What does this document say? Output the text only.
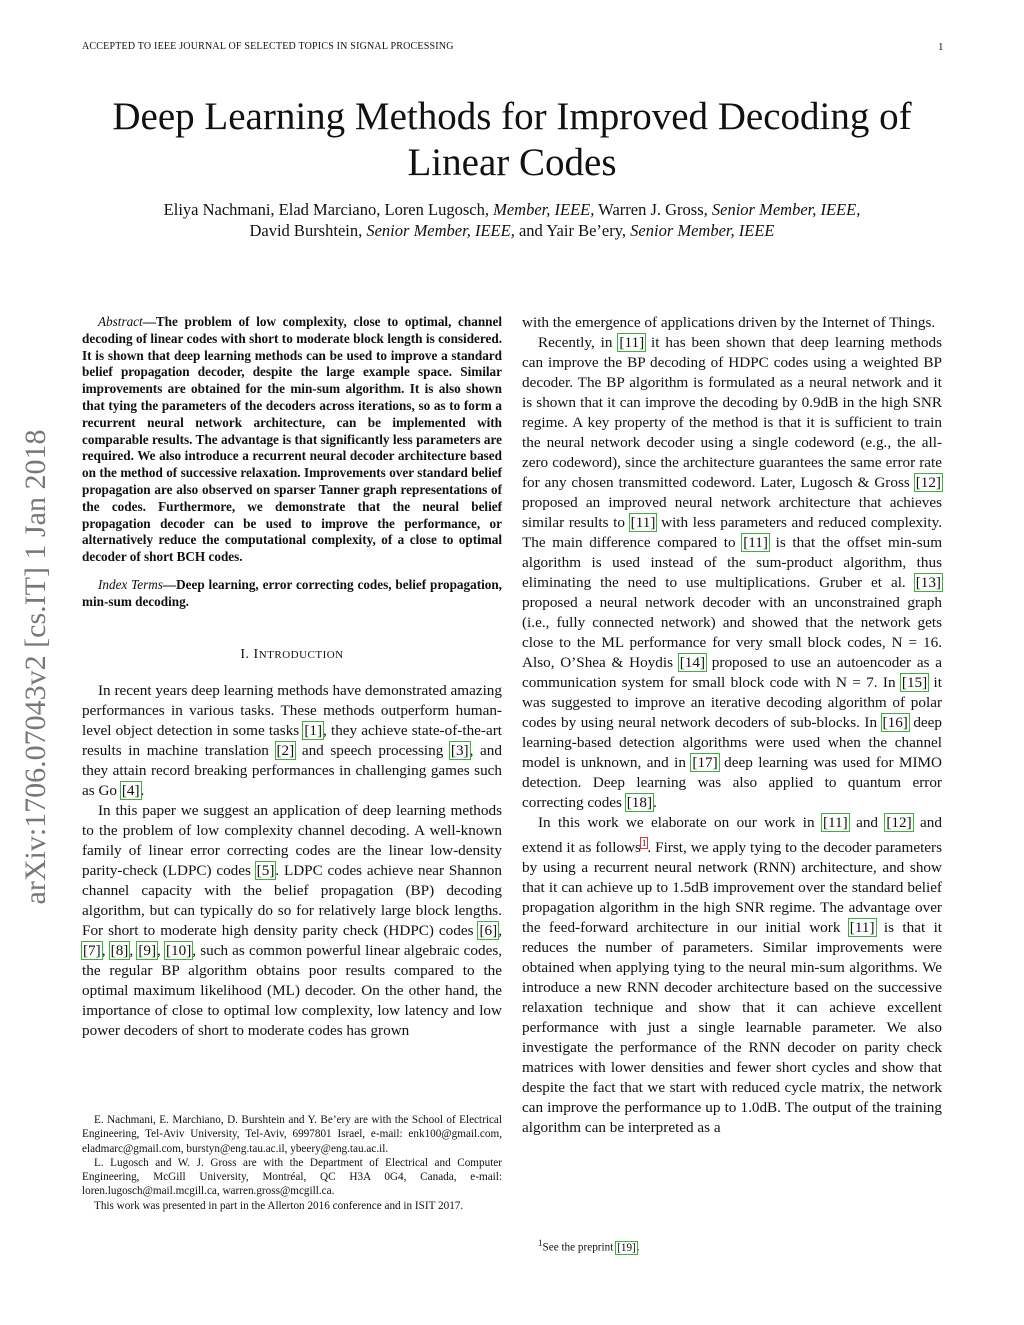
ACCEPTED TO IEEE JOURNAL OF SELECTED TOPICS IN SIGNAL PROCESSING	1
Deep Learning Methods for Improved Decoding of Linear Codes
Eliya Nachmani, Elad Marciano, Loren Lugosch, Member, IEEE, Warren J. Gross, Senior Member, IEEE,
David Burshtein, Senior Member, IEEE, and Yair Be’ery, Senior Member, IEEE
arXiv:1706.07043v2 [cs.IT] 1 Jan 2018

Abstract—The problem of low complexity, close to optimal, channel decoding of linear codes with short to moderate block length is considered. It is shown that deep learning methods can be used to improve a standard belief propagation decoder, despite the large example space. Similar improvements are obtained for the min-sum algorithm. It is also shown that tying the parameters of the decoders across iterations, so as to form a recurrent neural network architecture, can be implemented with comparable results. The advantage is that significantly less parameters are required. We also introduce a recurrent neural decoder architecture based on the method of successive relaxation. Improvements over standard belief propagation are also observed on sparser Tanner graph representations of the codes. Furthermore, we demonstrate that the neural belief propagation decoder can be used to improve the performance, or alternatively reduce the computational complexity, of a close to optimal decoder of short BCH codes.

Index Terms—Deep learning, error correcting codes, belief propagation, min-sum decoding.

I. INTRODUCTION

In recent years deep learning methods have demonstrated amazing performances in various tasks. These methods outperform human-level object detection in some tasks [1], they achieve state-of-the-art results in machine translation [2] and speech processing [3], and they attain record breaking performances in challenging games such as Go [4].

In this paper we suggest an application of deep learning methods to the problem of low complexity channel decoding. A well-known family of linear error correcting codes are the linear low-density parity-check (LDPC) codes [5]. LDPC codes achieve near Shannon channel capacity with the belief propagation (BP) decoding algorithm, but can typically do so for relatively large block lengths. For short to moderate high density parity check (HDPC) codes [6], [7], [8], [9], [10], such as common powerful linear algebraic codes, the regular BP algorithm obtains poor results compared to the optimal maximum likelihood (ML) decoder. On the other hand, the importance of close to optimal low complexity, low latency and low power decoders of short to moderate codes has grown

E. Nachmani, E. Marchiano, D. Burshtein and Y. Be’ery are with the School of Electrical Engineering, Tel-Aviv University, Tel-Aviv, 6997801 Israel, e-mail: enk100@gmail.com, eladmarc@gmail.com, burstyn@eng.tau.ac.il, ybeery@eng.tau.ac.il.

L. Lugosch and W. J. Gross are with the Department of Electrical and Computer Engineering, McGill University, Montréal, QC H3A 0G4, Canada, e-mail: loren.lugosch@mail.mcgill.ca, warren.gross@mcgill.ca.

This work was presented in part in the Allerton 2016 conference and in ISIT 2017.

with the emergence of applications driven by the Internet of Things.

Recently, in [11] it has been shown that deep learning methods can improve the BP decoding of HDPC codes using a weighted BP decoder. The BP algorithm is formulated as a neural network and it is shown that it can improve the decoding by 0.9dB in the high SNR regime. A key property of the method is that it is sufficient to train the neural network decoder using a single codeword (e.g., the all-zero codeword), since the architecture guarantees the same error rate for any chosen transmitted codeword. Later, Lugosch & Gross [12] proposed an improved neural network architecture that achieves similar results to [11] with less parameters and reduced complexity. The main difference compared to [11] is that the offset min-sum algorithm is used instead of the sum-product algorithm, thus eliminating the need to use multiplications. Gruber et al. [13] proposed a neural network decoder with an unconstrained graph (i.e., fully connected network) and showed that the network gets close to the ML performance for very small block codes, N = 16. Also, O’Shea & Hoydis [14] proposed to use an autoencoder as a communication system for small block code with N = 7. In [15] it was suggested to improve an iterative decoding algorithm of polar codes by using neural network decoders of sub-blocks. In [16] deep learning-based detection algorithms were used when the channel model is unknown, and in [17] deep learning was used for MIMO detection. Deep learning was also applied to quantum error correcting codes [18].

In this work we elaborate on our work in [11] and [12] and extend it as follows$^1$. First, we apply tying to the decoder parameters by using a recurrent neural network (RNN) architecture, and show that it can achieve up to 1.5dB improvement over the standard belief propagation algorithm in the high SNR regime. The advantage over the feed-forward architecture in our initial work [11] is that it reduces the number of parameters. Similar improvements were obtained when applying tying to the neural min-sum algorithms. We introduce a new RNN decoder architecture based on the successive relaxation technique and show that it can achieve excellent performance with just a single learnable parameter. We also investigate the performance of the RNN decoder on parity check matrices with lower densities and fewer short cycles and show that despite the fact that we start with reduced cycle matrix, the network can improve the performance up to 1.0dB. The output of the training algorithm can be interpreted as a

$^1$See the preprint [19].
